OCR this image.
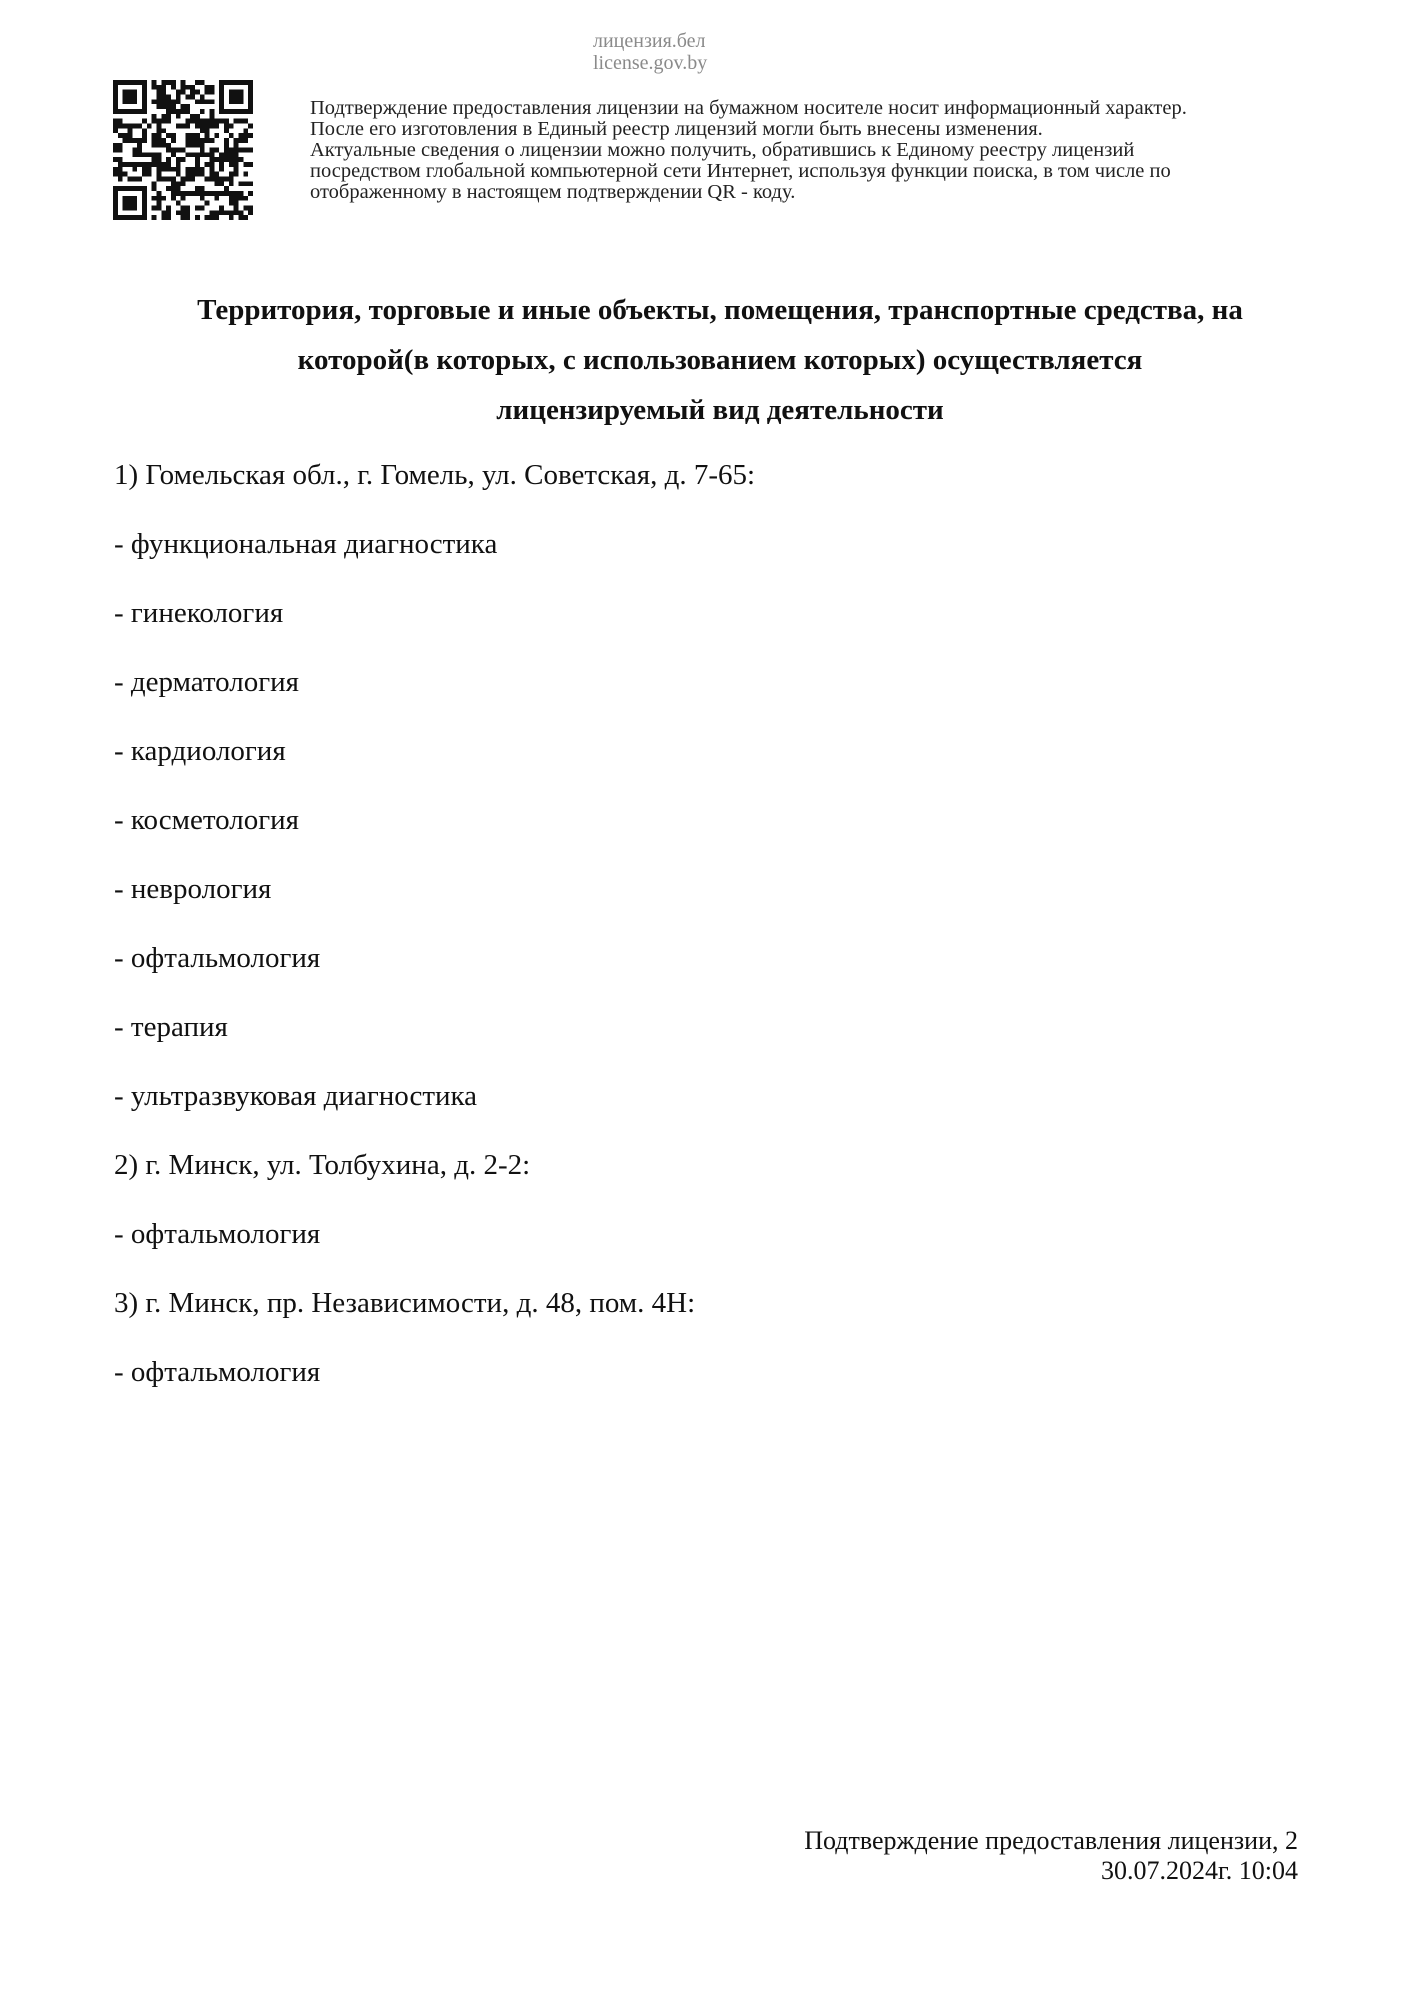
лицензия.бел
license.gov.by
Подтверждение предоставления лицензии на бумажном носителе носит информационный характер.
После его изготовления в Единый реестр лицензий могли быть внесены изменения.
Актуальные сведения о лицензии можно получить, обратившись к Единому реестру лицензий
посредством глобальной компьютерной сети Интернет, используя функции поиска, в том числе по
отображенному в настоящем подтверждении QR - коду.
Территория, торговые и иные объекты, помещения, транспортные средства, на
которой(в которых, с использованием которых) осуществляется
лицензируемый вид деятельности
1) Гомельская обл., г. Гомель, ул. Советская, д. 7-65:
- функциональная диагностика
- гинекология
- дерматология
- кардиология
- косметология
- неврология
- офтальмология
- терапия
- ультразвуковая диагностика
2) г. Минск, ул. Толбухина, д. 2-2:
- офтальмология
3) г. Минск, пр. Независимости, д. 48, пом. 4Н:
- офтальмология
Подтверждение предоставления лицензии, 2
30.07.2024г. 10:04
